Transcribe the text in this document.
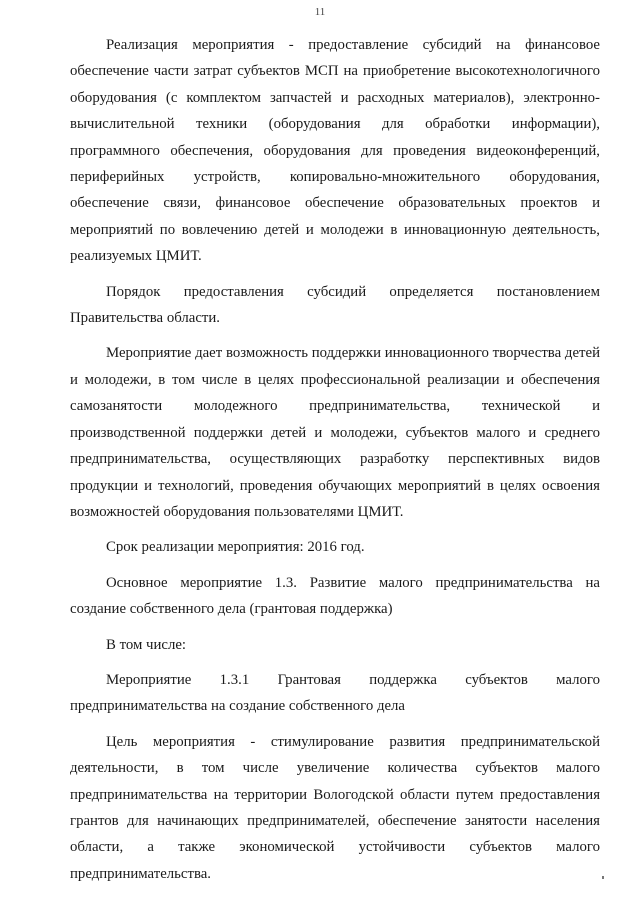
11

Реализация мероприятия - предоставление субсидий на финансовое обеспечение части затрат субъектов МСП на приобретение высокотехнологичного оборудования (с комплектом запчастей и расходных материалов), электронно-вычислительной техники (оборудования для обработки информации), программного обеспечения, оборудования для проведения видеоконференций, периферийных устройств, копировально-множительного оборудования, обеспечение связи, финансовое обеспечение образовательных проектов и мероприятий по вовлечению детей и молодежи в инновационную деятельность, реализуемых ЦМИТ.

Порядок предоставления субсидий определяется постановлением Правительства области.

Мероприятие дает возможность поддержки инновационного творчества детей и молодежи, в том числе в целях профессиональной реализации и обеспечения самозанятости молодежного предпринимательства, технической и производственной поддержки детей и молодежи, субъектов малого и среднего предпринимательства, осуществляющих разработку перспективных видов продукции и технологий, проведения обучающих мероприятий в целях освоения возможностей оборудования пользователями ЦМИТ.

Срок реализации мероприятия: 2016 год.

Основное мероприятие 1.3. Развитие малого предпринимательства на создание собственного дела (грантовая поддержка)

В том числе:

Мероприятие 1.3.1 Грантовая поддержка субъектов малого предпринимательства на создание собственного дела

Цель мероприятия - стимулирование развития предпринимательской деятельности, в том числе увеличение количества субъектов малого предпринимательства на территории Вологодской области путем предоставления грантов для начинающих предпринимателей, обеспечение занятости населения области, а также экономической устойчивости субъектов малого предпринимательства.
